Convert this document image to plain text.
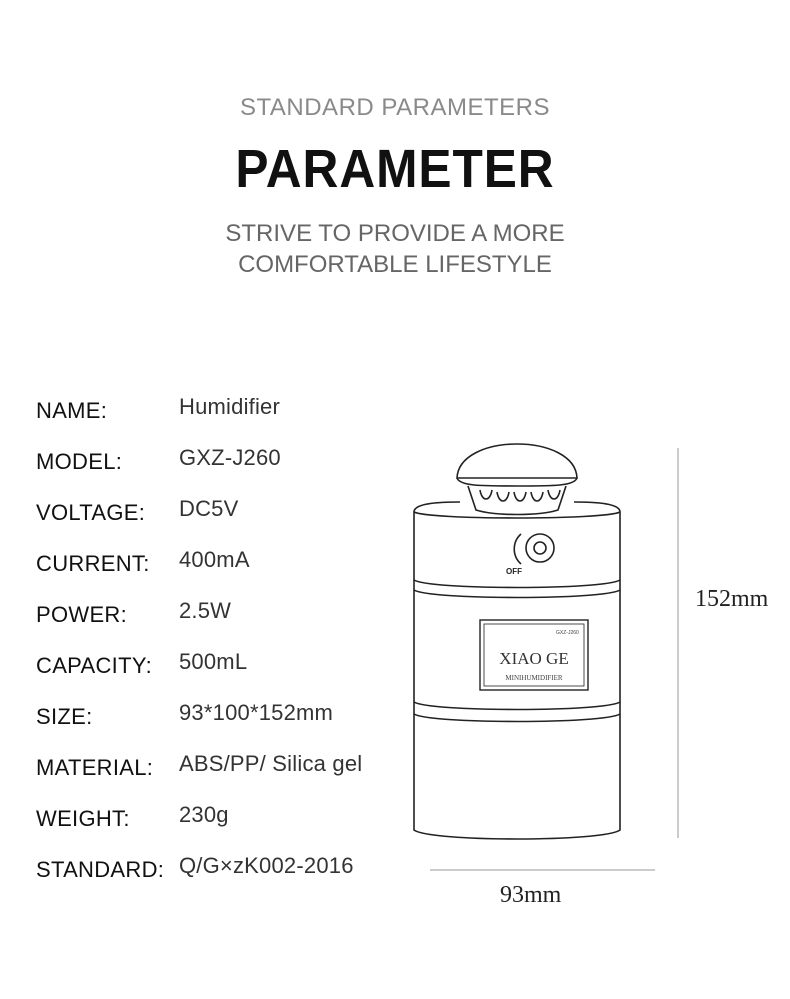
STANDARD PARAMETERS
PARAMETER
STRIVE TO PROVIDE A MORE
COMFORTABLE LIFESTYLE
NAME:	Humidifier
MODEL:	GXZ-J260
VOLTAGE: DC5V
CURRENT: 400mA
POWER: 2.5W
CAPACITY: 500mL
SIZE:	93*100*152mm
MATERIAL: ABS/PP/ Silica gel
WEIGHT: 230g
STANDARD: Q/G×zK002-2016
OFF
GXZ-J260
XIAO GE
MINIHUMIDIFIER
152mm
93mm
